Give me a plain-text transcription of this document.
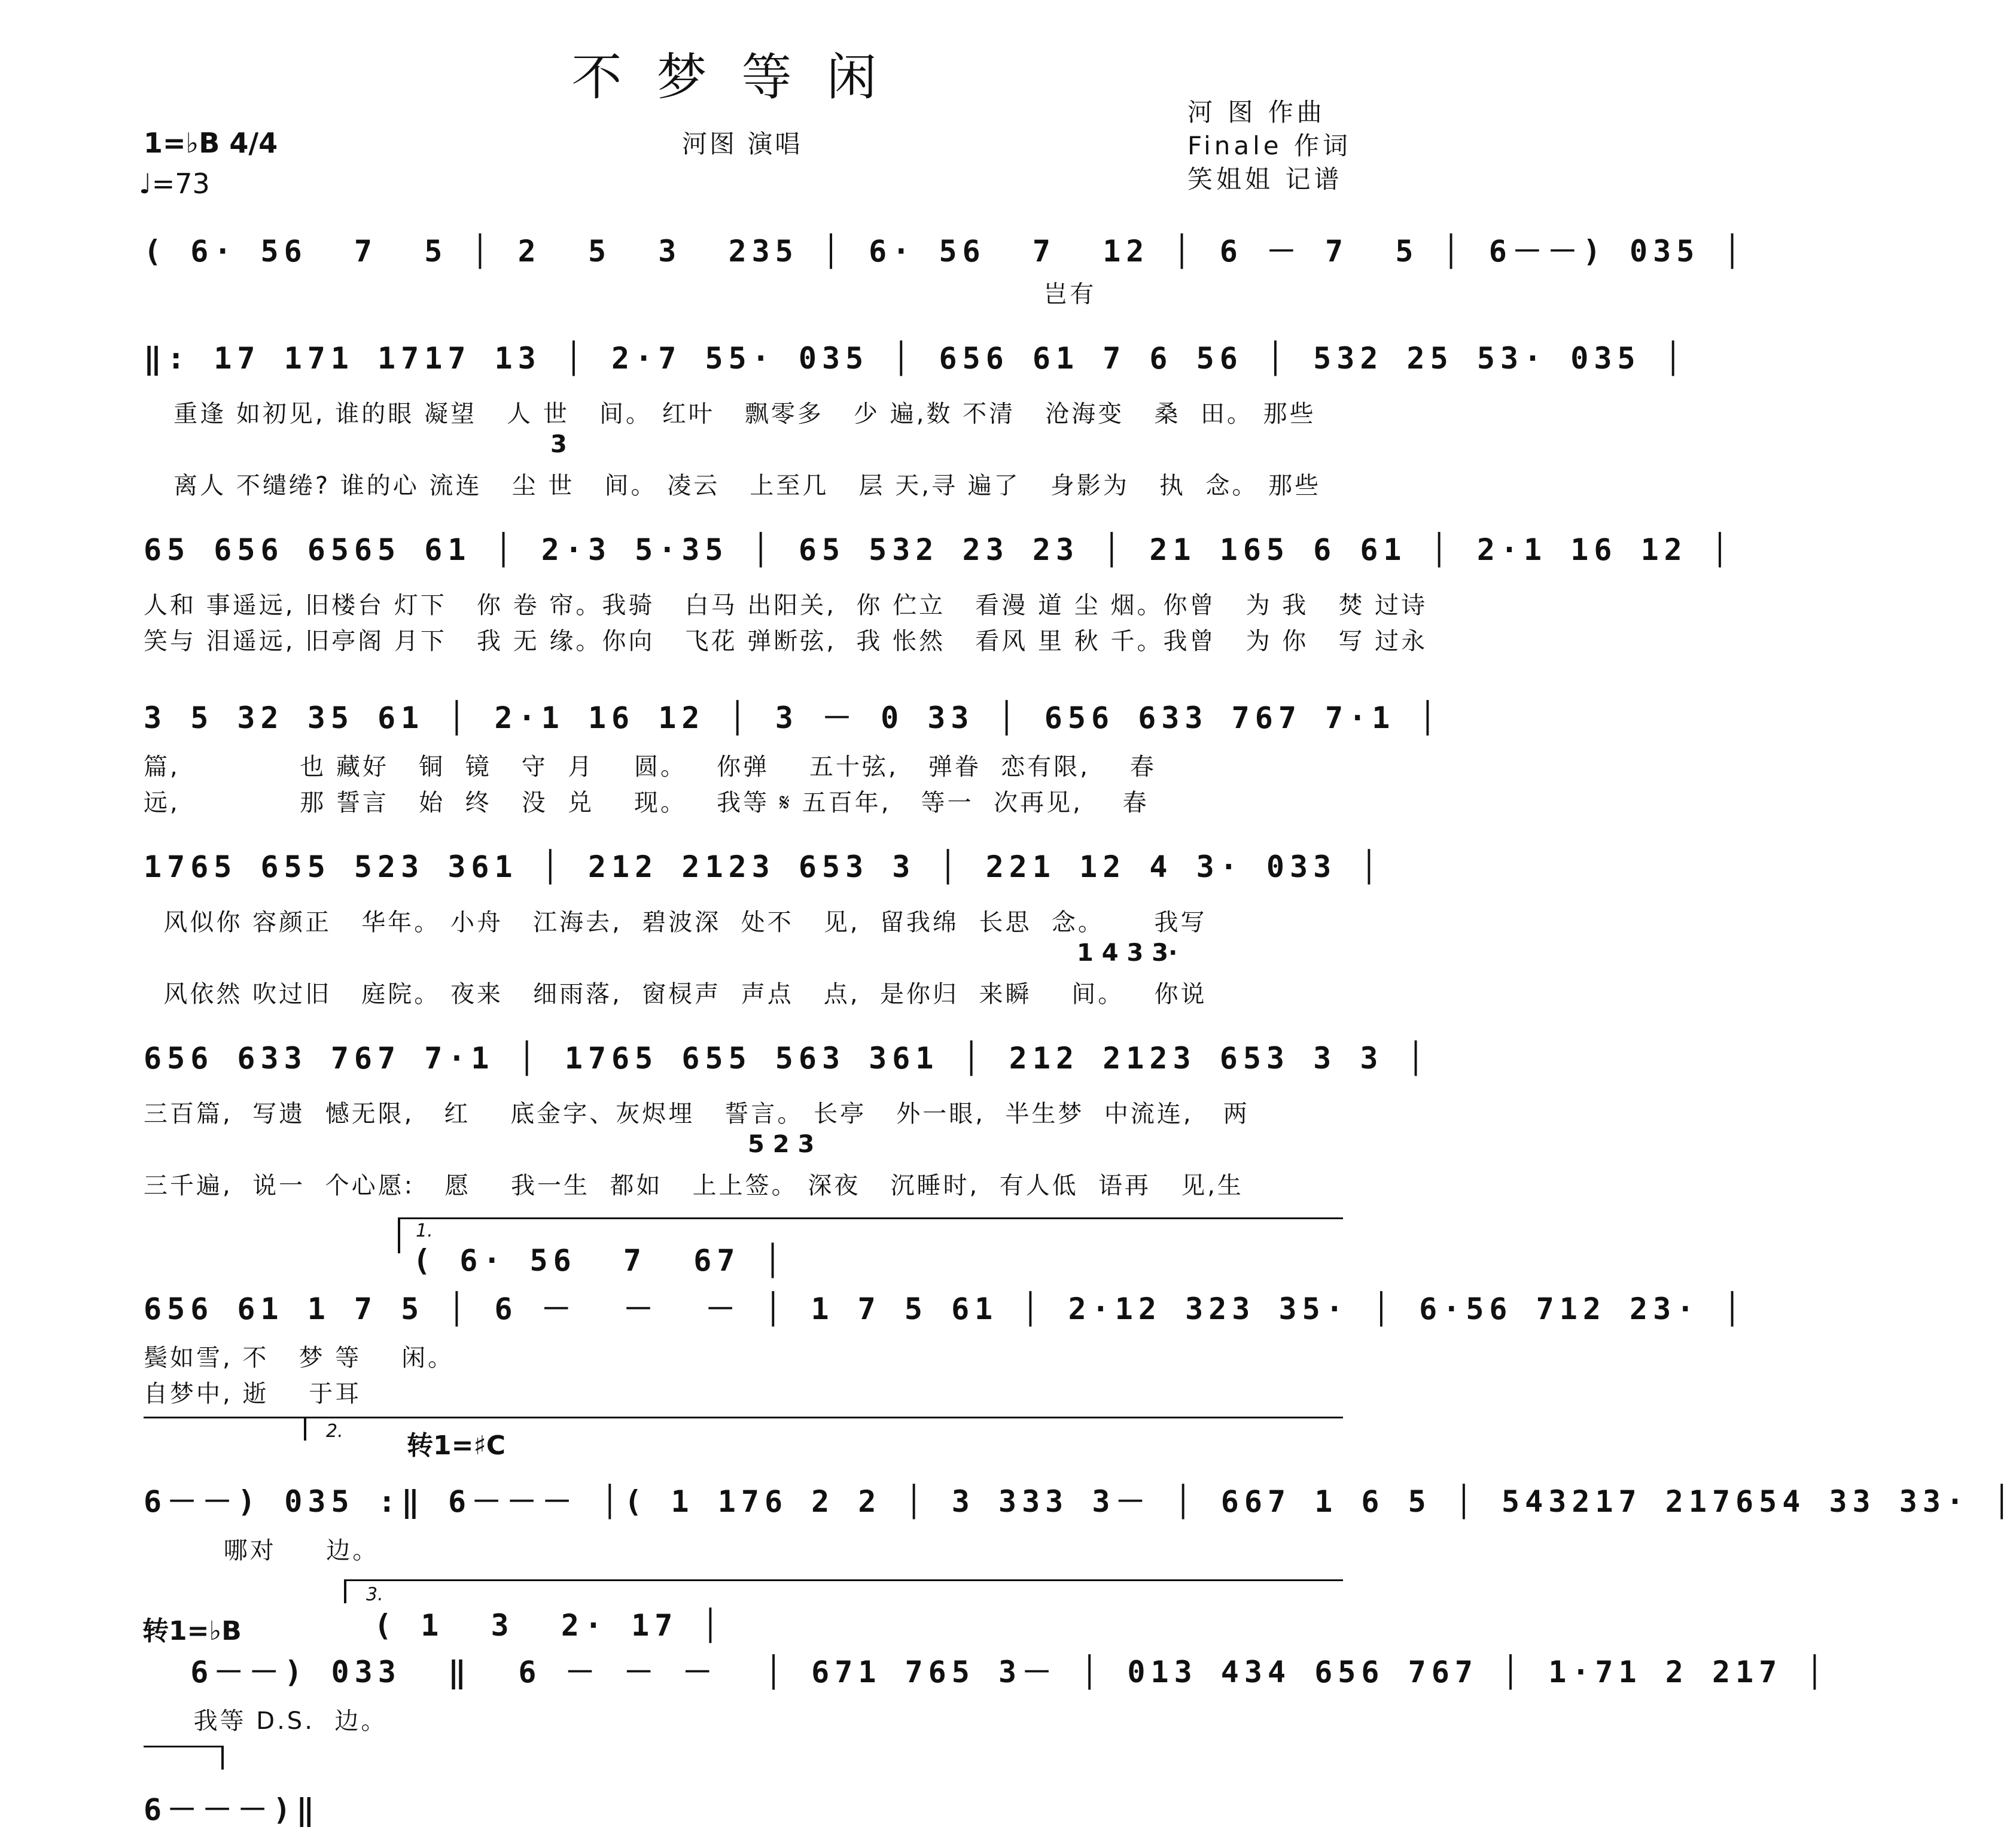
不梦等闲
1=♭B 4/4
♩=73
河图 演唱
河 图 作曲
Finale 作词
笑姐姐 记谱
( 6· 56  7  5 │ 2  5  3  235 │ 6· 56  7  12 │ 6 － 7  5 │ 6－－) 035 │
岂有
‖: 17 171 1717 13 │ 2·7 55· 035 │ 656 61 7 6 56 │ 532 25 53· 035 │
重逢 如初见, 谁的眼 凝望   人 世   间。 红叶   飘零多   少 遍,数 不清   沧海变   桑  田。 那些
3
离人 不缱绻? 谁的心 流连   尘 世   间。 凌云   上至几   层 天,寻 遍了   身影为   执  念。 那些
65 656 6565 61 │ 2·3 5·35 │ 65 532 23 23 │ 21 165 6 61 │ 2·1 16 12 │
人和 事遥远, 旧楼台 灯下   你 卷 帘。我骑   白马 出阳关,  你 伫立   看漫 道 尘 烟。你曾   为 我   焚 过诗
笑与 泪遥远, 旧亭阁 月下   我 无 缘。你向   飞花 弹断弦,  我 怅然   看风 里 秋 千。我曾   为 你   写 过永
3 5 32 35 61 │ 2·1 16 12 │ 3 － 0 33 │ 656 633 767 7·1 │
篇,            也 藏好   铜  镜   守  月    圆。   你弹    五十弦,   弹眷  恋有限,    春
远,            那 誓言   始  终   没  兑    现。   我等 𝄋 五百年,   等一  次再见,    春
1765 655 523 361 │ 212 2123 653 3 │ 221 12 4 3· 033 │
风似你 容颜正   华年。 小舟   江海去,  碧波深  处不   见,  留我绵  长思  念。     我写
1 4 3 3·
风依然 吹过旧   庭院。 夜来   细雨落,  窗棂声  声点   点,  是你归  来瞬    间。   你说
656 633 767 7·1 │ 1765 655 563 361 │ 212 2123 653 3 3 │
三百篇,  写遗  憾无限,   红    底金字、灰烬埋   誓言。 长亭   外一眼,  半生梦  中流连,   两
5 2 3
三千遍,  说一  个心愿:   愿    我一生  都如   上上签。 深夜   沉睡时,  有人低  语再   见,生
1.
( 6· 56  7  67 │
656 61 1 7 5 │ 6 －  －  － │ 1 7 5 61 │ 2·12 323 35· │ 6·56 712 23· │
鬓如雪, 不   梦 等    闲。
自梦中, 逝    于耳
2. 转1=♯C
6－－) 035 :‖ 6－－－ │( 1 176 2 2 │ 3 333 3－ │ 667 1 6 5 │ 543217 217654 33 33· │
哪对     边。
3.
转1=♭B	( 1  3  2· 17 │
6－－) 033  ‖  6 － － －  │ 671 765 3－ │ 013 434 656 767 │ 1·71 2 217 │
我等 D.S.  边。
6－－－)‖
